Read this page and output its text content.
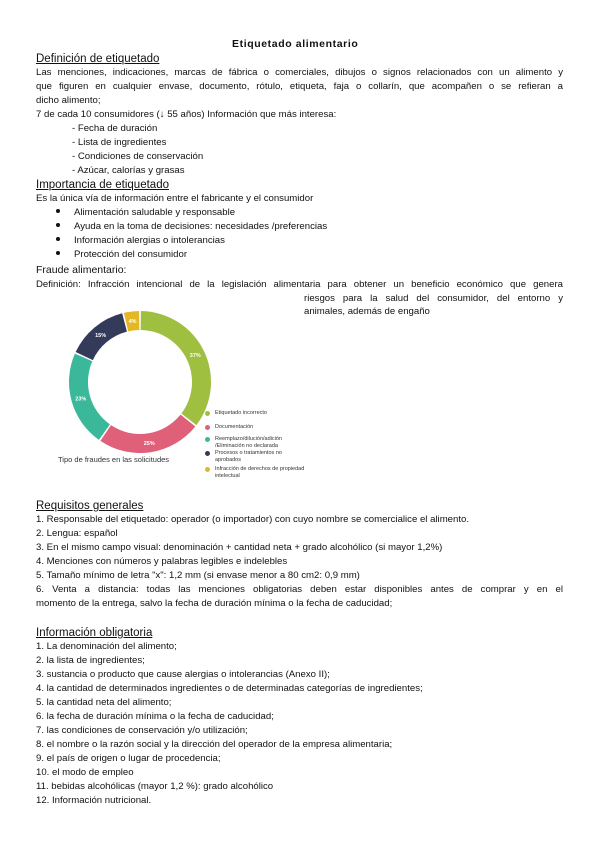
Etiquetado alimentario
Definición de etiquetado
Las menciones, indicaciones, marcas de fábrica o comerciales, dibujos o signos relacionados con un alimento y
que figuren en cualquier envase, documento, rótulo, etiqueta, faja o collarín, que acompañen o se refieran a
dicho alimento;
7 de cada 10 consumidores (↓ 55 años) Información que más interesa:
- Fecha de duración
- Lista de ingredientes
- Condiciones de conservación
- Azúcar, calorías y grasas
Importancia de etiquetado
Es la única vía de información entre el fabricante y el consumidor
Alimentación saludable y responsable
Ayuda en la toma de decisiones: necesidades /preferencias
Información alergias o intolerancias
Protección del consumidor
Fraude alimentario:
Definición: Infracción intencional de la legislación alimentaria para obtener un beneficio económico que genera
riesgos para la salud del consumidor, del entorno y
animales, además de engaño
37%
25%
23%
15%
4%
Tipo de fraudes en las solicitudes
Etiquetado incorrecto
Documentación
Reemplazo/dilución/adición /Eliminación no declarada
Procesos o tratamientos no aprobados
Infracción de derechos de propiedad intelectual
Requisitos generales
1. Responsable del etiquetado: operador (o importador) con cuyo nombre se comercialice el alimento.
2. Lengua: español
3. En el mismo campo visual: denominación + cantidad neta + grado alcohólico (si mayor 1,2%)
4. Menciones con números y palabras legibles e indelebles
5. Tamaño mínimo de letra "x": 1,2 mm (si envase menor a 80 cm2: 0,9 mm)
6. Venta a distancia: todas las menciones obligatorias deben estar disponibles antes de comprar y en el
momento de la entrega, salvo la fecha de duración mínima o la fecha de caducidad;
Información obligatoria
1. La denominación del alimento;
2. la lista de ingredientes;
3. sustancia o producto que cause alergias o intolerancias (Anexo II);
4. la cantidad de determinados ingredientes o de determinadas categorías de ingredientes;
5. la cantidad neta del alimento;
6. la fecha de duración mínima o la fecha de caducidad;
7. las condiciones de conservación y/o utilización;
8. el nombre o la razón social y la dirección del operador de la empresa alimentaria;
9. el país de origen o lugar de procedencia;
10. el modo de empleo
11. bebidas alcohólicas (mayor 1,2 %): grado alcohólico
12. Información nutricional.
